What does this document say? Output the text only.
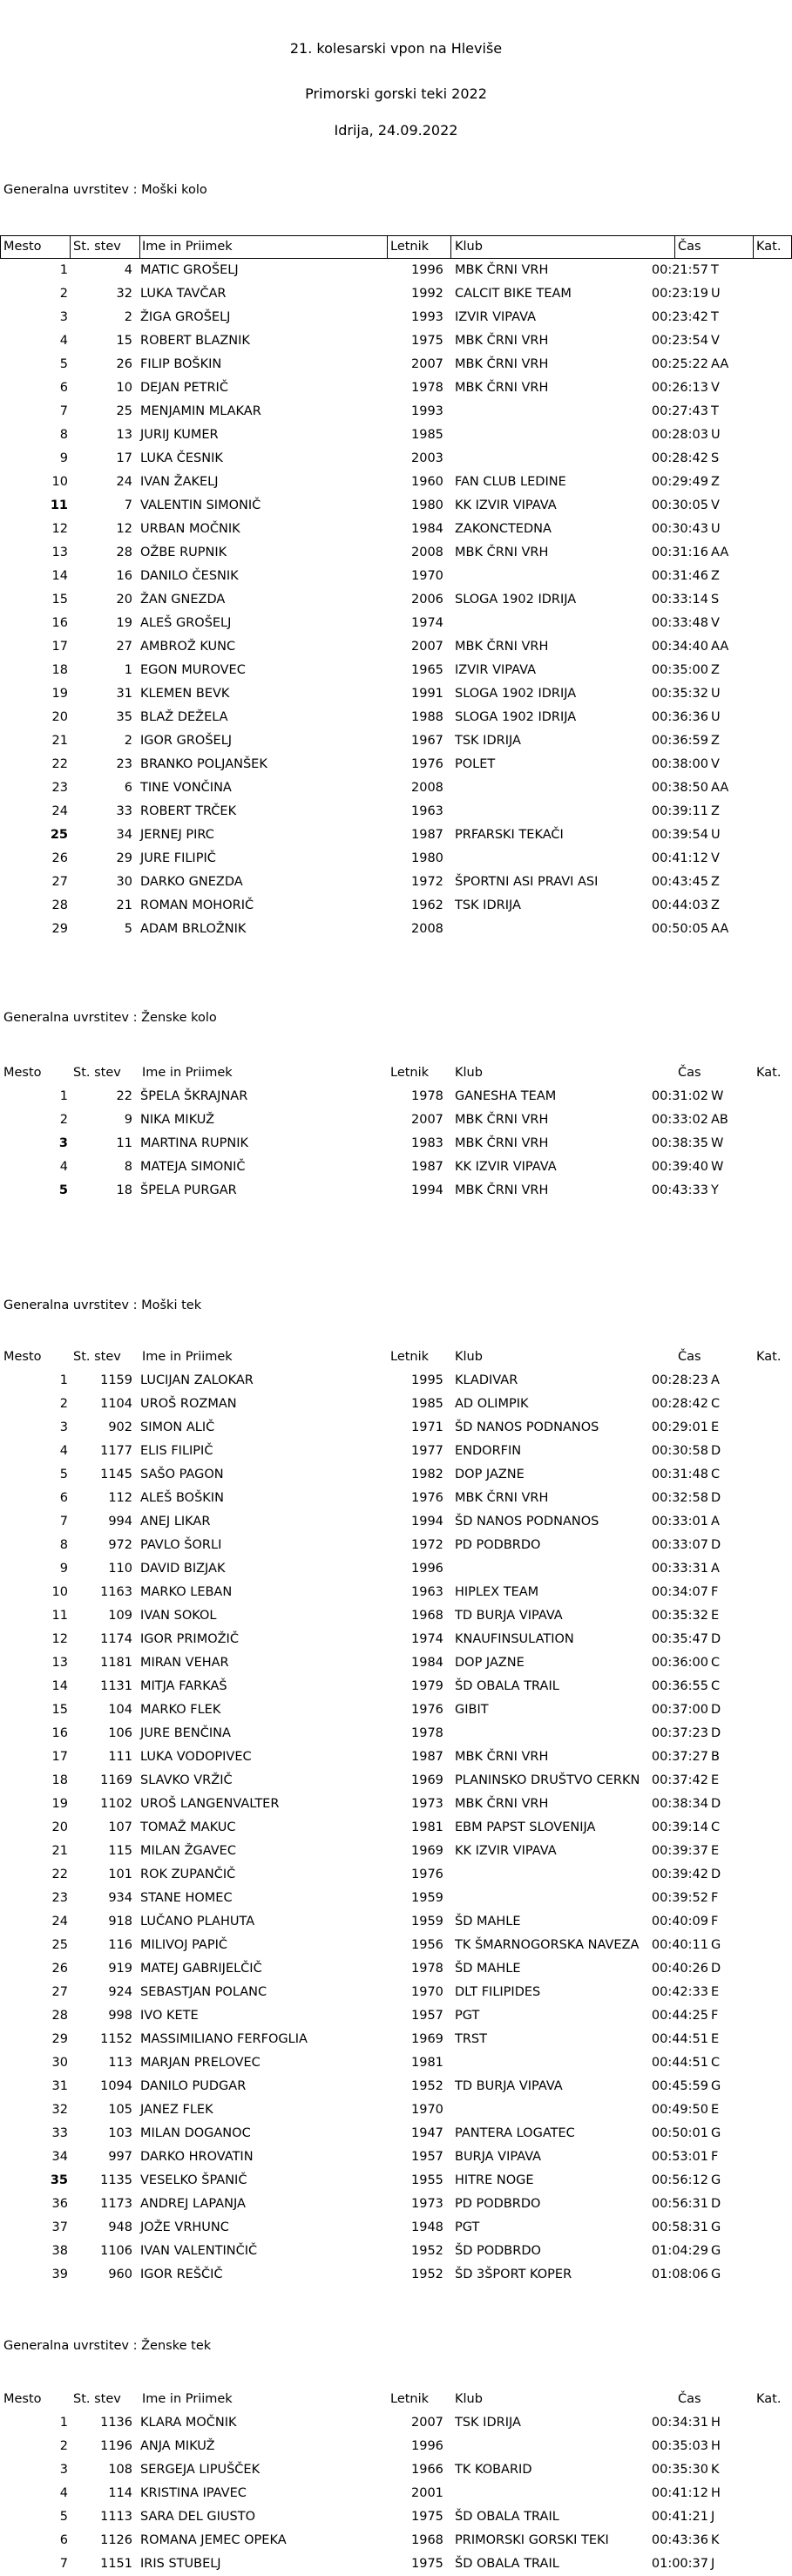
21. kolesarski vpon na Hleviše
Primorski gorski teki 2022
Idrija, 24.09.2022
Generalna uvrstitev : Moški kolo
Mesto	St. stev Ime in Priimek	Letnik Klub	Čas	Kat.
1	4 MATIC GROŠELJ	1996 MBK ČRNI VRH	00:21:57 T
2	32 LUKA TAVČAR	1992 CALCIT BIKE TEAM	00:23:19 U
3	2 ŽIGA GROŠELJ	1993 IZVIR VIPAVA	00:23:42 T
4	15 ROBERT BLAZNIK	1975 MBK ČRNI VRH	00:23:54 V
5	26 FILIP BOŠKIN	2007 MBK ČRNI VRH	00:25:22 AA
6	10 DEJAN PETRIČ	1978 MBK ČRNI VRH	00:26:13 V
7	25 MENJAMIN MLAKAR	1993	00:27:43 T
8	13 JURIJ KUMER	1985	00:28:03 U
9	17 LUKA ČESNIK	2003	00:28:42 S
10	24 IVAN ŽAKELJ	1960 FAN CLUB LEDINE	00:29:49 Z
11	7 VALENTIN SIMONIČ	1980 KK IZVIR VIPAVA	00:30:05 V
12	12 URBAN MOČNIK	1984 ZAKONCTEDNA	00:30:43 U
13	28 OŽBE RUPNIK	2008 MBK ČRNI VRH	00:31:16 AA
14	16 DANILO ČESNIK	1970	00:31:46 Z
15	20 ŽAN GNEZDA	2006 SLOGA 1902 IDRIJA	00:33:14 S
16	19 ALEŠ GROŠELJ	1974	00:33:48 V
17	27 AMBROŽ KUNC	2007 MBK ČRNI VRH	00:34:40 AA
18	1 EGON MUROVEC	1965 IZVIR VIPAVA	00:35:00 Z
19	31 KLEMEN BEVK	1991 SLOGA 1902 IDRIJA	00:35:32 U
20	35 BLAŽ DEŽELA	1988 SLOGA 1902 IDRIJA	00:36:36 U
21	2 IGOR GROŠELJ	1967 TSK IDRIJA	00:36:59 Z
22	23 BRANKO POLJANŠEK	1976 POLET	00:38:00 V
23	6 TINE VONČINA	2008	00:38:50 AA
24	33 ROBERT TRČEK	1963	00:39:11 Z
25	34 JERNEJ PIRC	1987 PRFARSKI TEKAČI	00:39:54 U
26	29 JURE FILIPIČ	1980	00:41:12 V
27	30 DARKO GNEZDA	1972 ŠPORTNI ASI PRAVI ASI	00:43:45 Z
28	21 ROMAN MOHORIČ	1962 TSK IDRIJA	00:44:03 Z
29	5 ADAM BRLOŽNIK	2008	00:50:05 AA
Generalna uvrstitev : Ženske kolo
Mesto	St. stev Ime in Priimek	Letnik Klub	Čas	Kat.
1	22 ŠPELA ŠKRAJNAR	1978 GANESHA TEAM	00:31:02 W
2	9 NIKA MIKUŽ	2007 MBK ČRNI VRH	00:33:02 AB
3	11 MARTINA RUPNIK	1983 MBK ČRNI VRH	00:38:35 W
4	8 MATEJA SIMONIČ	1987 KK IZVIR VIPAVA	00:39:40 W
5	18 ŠPELA PURGAR	1994 MBK ČRNI VRH	00:43:33 Y
Generalna uvrstitev : Moški tek
Mesto	St. stev Ime in Priimek	Letnik Klub	Čas	Kat.
1	1159 LUCIJAN ZALOKAR	1995 KLADIVAR	00:28:23 A
2	1104 UROŠ ROZMAN	1985 AD OLIMPIK	00:28:42 C
3	902 SIMON ALIČ	1971 ŠD NANOS PODNANOS	00:29:01 E
4	1177 ELIS FILIPIČ	1977 ENDORFIN	00:30:58 D
5	1145 SAŠO PAGON	1982 DOP JAZNE	00:31:48 C
6	112 ALEŠ BOŠKIN	1976 MBK ČRNI VRH	00:32:58 D
7	994 ANEJ LIKAR	1994 ŠD NANOS PODNANOS	00:33:01 A
8	972 PAVLO ŠORLI	1972 PD PODBRDO	00:33:07 D
9	110 DAVID BIZJAK	1996	00:33:31 A
10	1163 MARKO LEBAN	1963 HIPLEX TEAM	00:34:07 F
11	109 IVAN SOKOL	1968 TD BURJA VIPAVA	00:35:32 E
12	1174 IGOR PRIMOŽIČ	1974 KNAUFINSULATION	00:35:47 D
13	1181 MIRAN VEHAR	1984 DOP JAZNE	00:36:00 C
14	1131 MITJA FARKAŠ	1979 ŠD OBALA TRAIL	00:36:55 C
15	104 MARKO FLEK	1976 GIBIT	00:37:00 D
16	106 JURE BENČINA	1978	00:37:23 D
17	111 LUKA VODOPIVEC	1987 MBK ČRNI VRH	00:37:27 B
18	1169 SLAVKO VRŽIČ	1969 PLANINSKO DRUŠTVO CERKN 00:37:42 E
19	1102 UROŠ LANGENVALTER	1973 MBK ČRNI VRH	00:38:34 D
20	107 TOMAŽ MAKUC	1981 EBM PAPST SLOVENIJA	00:39:14 C
21	115 MILAN ŽGAVEC	1969 KK IZVIR VIPAVA	00:39:37 E
22	101 ROK ZUPANČIČ	1976	00:39:42 D
23	934 STANE HOMEC	1959	00:39:52 F
24	918 LUČANO PLAHUTA	1959 ŠD MAHLE	00:40:09 F
25	116 MILIVOJ PAPIČ	1956 TK ŠMARNOGORSKA NAVEZA 00:40:11 G
26	919 MATEJ GABRIJELČIČ	1978 ŠD MAHLE	00:40:26 D
27	924 SEBASTJAN POLANC	1970 DLT FILIPIDES	00:42:33 E
28	998 IVO KETE	1957 PGT	00:44:25 F
29	1152 MASSIMILIANO FERFOGLIA	1969 TRST	00:44:51 E
30	113 MARJAN PRELOVEC	1981	00:44:51 C
31	1094 DANILO PUDGAR	1952 TD BURJA VIPAVA	00:45:59 G
32	105 JANEZ FLEK	1970	00:49:50 E
33	103 MILAN DOGANOC	1947 PANTERA LOGATEC	00:50:01 G
34	997 DARKO HROVATIN	1957 BURJA VIPAVA	00:53:01 F
35	1135 VESELKO ŠPANIČ	1955 HITRE NOGE	00:56:12 G
36	1173 ANDREJ LAPANJA	1973 PD PODBRDO	00:56:31 D
37	948 JOŽE VRHUNC	1948 PGT	00:58:31 G
38	1106 IVAN VALENTINČIČ	1952 ŠD PODBRDO	01:04:29 G
39	960 IGOR REŠČIČ	1952 ŠD 3ŠPORT KOPER	01:08:06 G
Generalna uvrstitev : Ženske tek
Mesto	St. stev Ime in Priimek	Letnik Klub	Čas	Kat.
1	1136 KLARA MOČNIK	2007 TSK IDRIJA	00:34:31 H
2	1196 ANJA MIKUŽ	1996	00:35:03 H
3	108 SERGEJA LIPUŠČEK	1966 TK KOBARID	00:35:30 K
4	114 KRISTINA IPAVEC	2001	00:41:12 H
5	1113 SARA DEL GIUSTO	1975 ŠD OBALA TRAIL	00:41:21 J
6	1126 ROMANA JEMEC OPEKA	1968 PRIMORSKI GORSKI TEKI	00:43:36 K
7	1151 IRIS STUBELJ	1975 ŠD OBALA TRAIL	01:00:37 J
